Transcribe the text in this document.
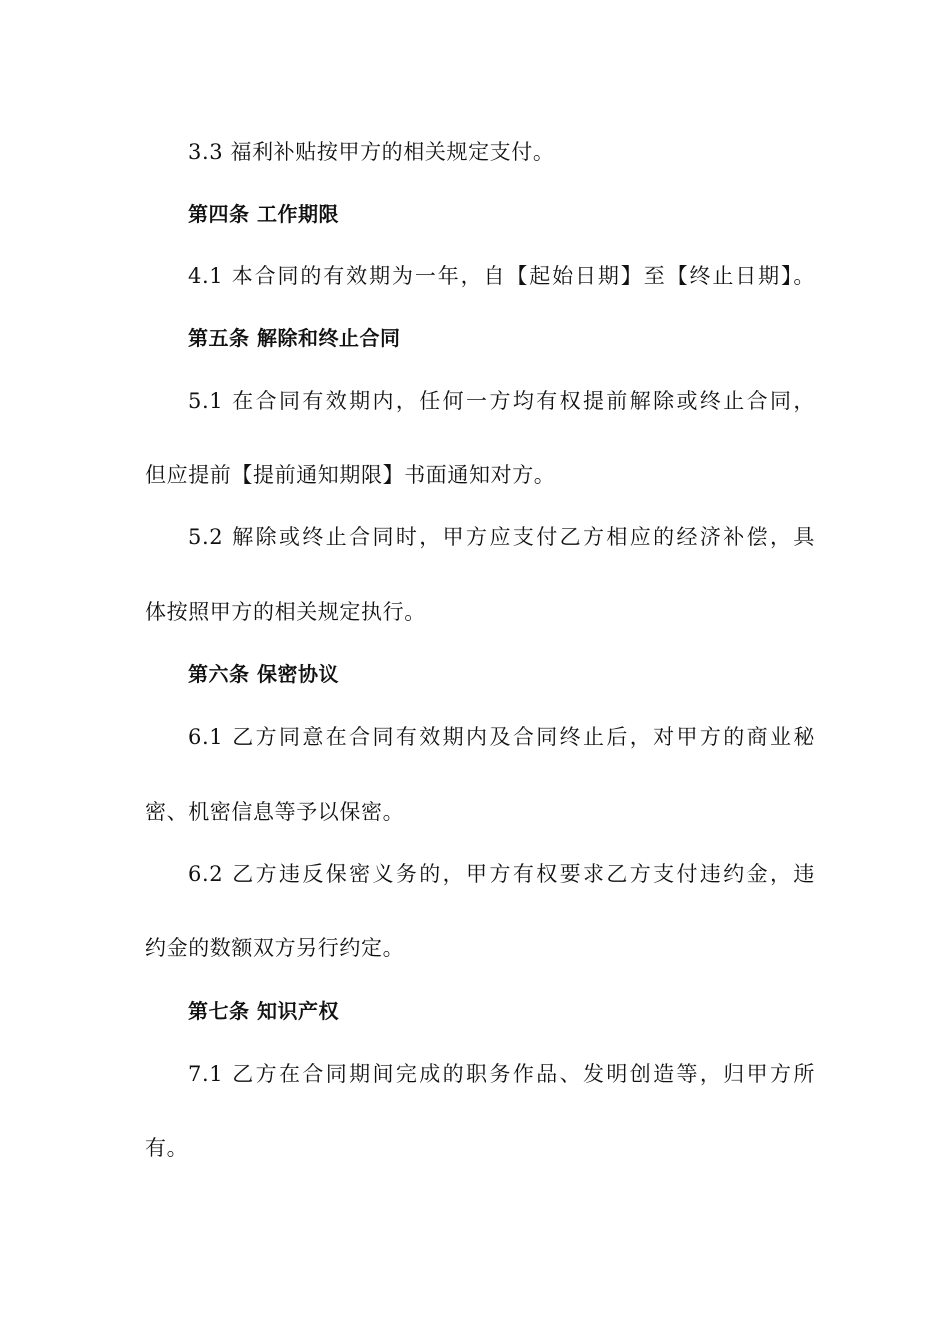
3.3 福利补贴按甲方的相关规定支付。
第四条 工作期限
4.1 本合同的有效期为一年，自【起始日期】至【终止日期】。
第五条 解除和终止合同
5.1 在合同有效期内，任何一方均有权提前解除或终止合同，
但应提前【提前通知期限】书面通知对方。
5.2 解除或终止合同时，甲方应支付乙方相应的经济补偿，具
体按照甲方的相关规定执行。
第六条 保密协议
6.1 乙方同意在合同有效期内及合同终止后，对甲方的商业秘
密、机密信息等予以保密。
6.2 乙方违反保密义务的，甲方有权要求乙方支付违约金，违
约金的数额双方另行约定。
第七条 知识产权
7.1 乙方在合同期间完成的职务作品、发明创造等，归甲方所
有。
